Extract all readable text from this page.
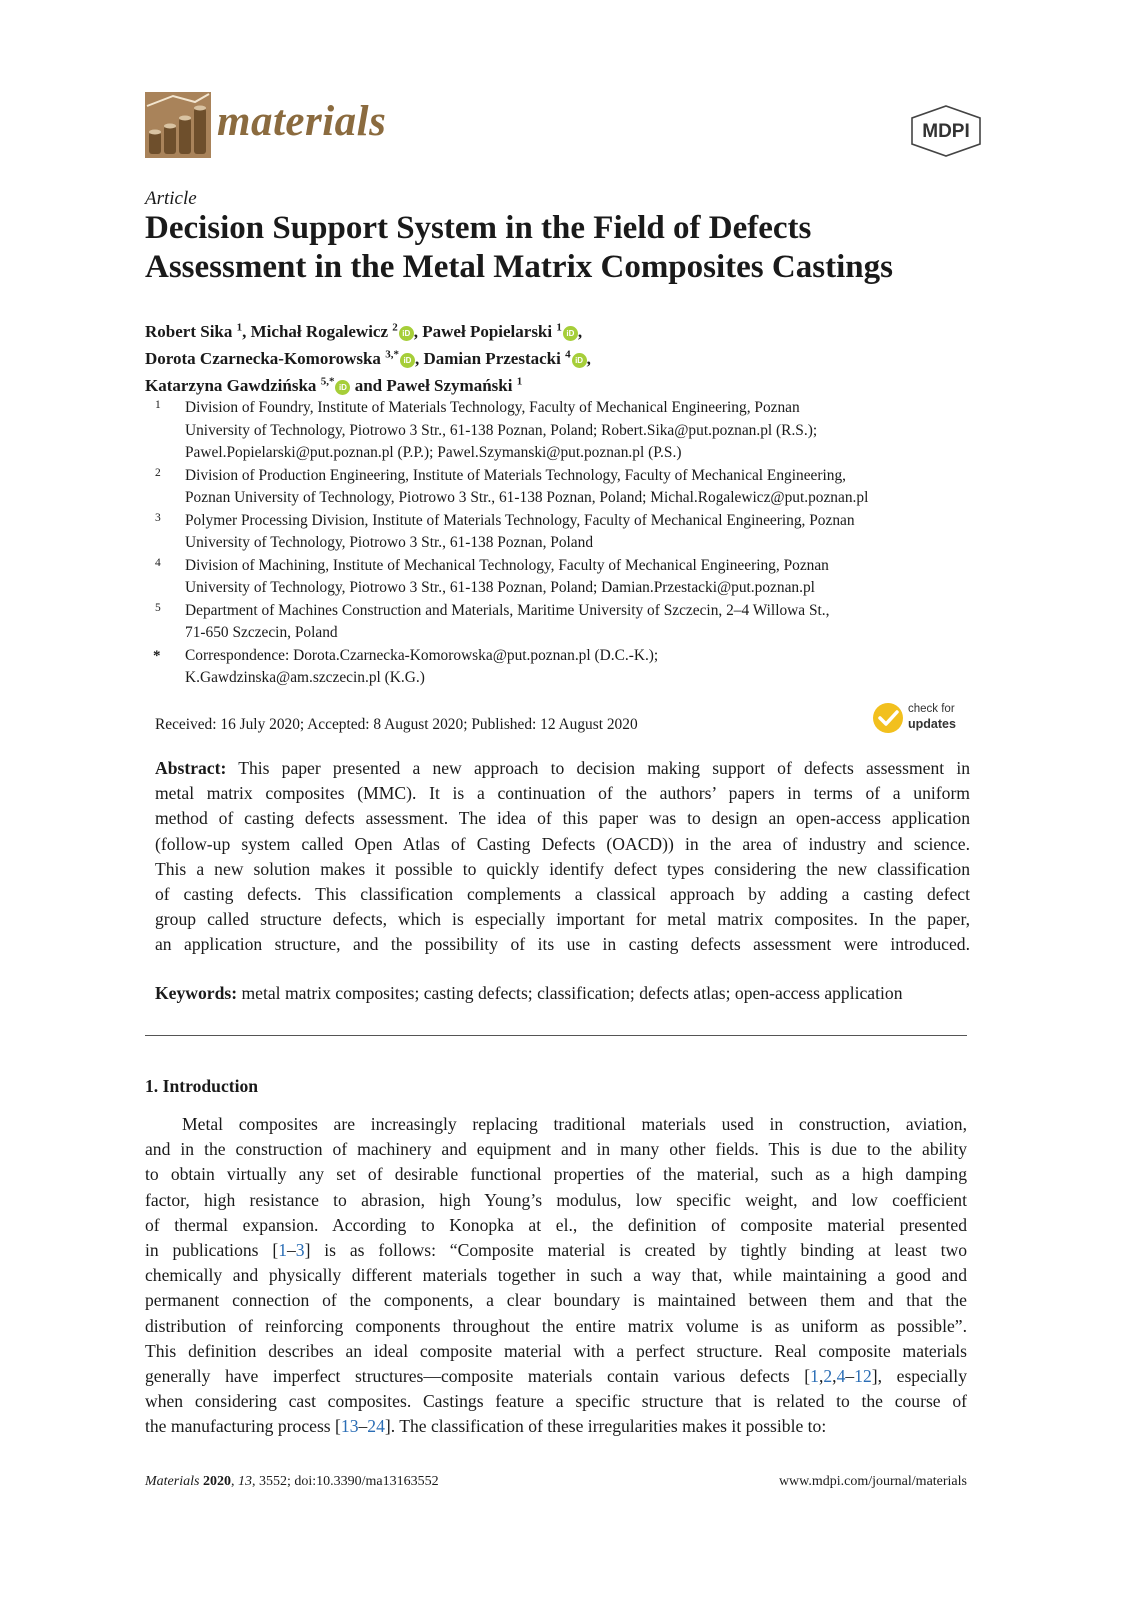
materials	MDPI
Article
Decision Support System in the Field of Defects
Assessment in the Metal Matrix Composites Castings
Robert Sika $^1$, Michał Rogalewicz $^2$iD , Paweł Popielarski $^1$iD ,
Dorota Czarnecka-Komorowska $^{3,*}$iD , Damian Przestacki $^4$iD ,
Katarzyna Gawdzińska $^{5,*}$iD and Paweł Szymański $^1$
1 Division of Foundry, Institute of Materials Technology, Faculty of Mechanical Engineering, Poznan
University of Technology, Piotrowo 3 Str., 61-138 Poznan, Poland; Robert.Sika@put.poznan.pl (R.S.);
Pawel.Popielarski@put.poznan.pl (P.P.); Pawel.Szymanski@put.poznan.pl (P.S.)
2 Division of Production Engineering, Institute of Materials Technology, Faculty of Mechanical Engineering,
Poznan University of Technology, Piotrowo 3 Str., 61-138 Poznan, Poland; Michal.Rogalewicz@put.poznan.pl
3 Polymer Processing Division, Institute of Materials Technology, Faculty of Mechanical Engineering, Poznan
University of Technology, Piotrowo 3 Str., 61-138 Poznan, Poland
4 Division of Machining, Institute of Mechanical Technology, Faculty of Mechanical Engineering, Poznan
University of Technology, Piotrowo 3 Str., 61-138 Poznan, Poland; Damian.Przestacki@put.poznan.pl
5 Department of Machines Construction and Materials, Maritime University of Szczecin, 2–4 Willowa St.,
71-650 Szczecin, Poland
* Correspondence: Dorota.Czarnecka-Komorowska@put.poznan.pl (D.C.-K.);
K.Gawdzinska@am.szczecin.pl (K.G.)
Received: 16 July 2020; Accepted: 8 August 2020; Published: 12 August 2020
check for
updates
Abstract: This paper presented a new approach to decision making support of defects assessment in
metal matrix composites (MMC). It is a continuation of the authors’ papers in terms of a uniform
method of casting defects assessment. The idea of this paper was to design an open-access application
(follow-up system called Open Atlas of Casting Defects (OACD)) in the area of industry and science.
This a new solution makes it possible to quickly identify defect types considering the new classification
of casting defects. This classification complements a classical approach by adding a casting defect
group called structure defects, which is especially important for metal matrix composites. In the paper,
an application structure, and the possibility of its use in casting defects assessment were introduced.
Keywords: metal matrix composites; casting defects; classification; defects atlas; open-access application
1. Introduction
Metal composites are increasingly replacing traditional materials used in construction, aviation,
and in the construction of machinery and equipment and in many other fields. This is due to the ability
to obtain virtually any set of desirable functional properties of the material, such as a high damping
factor, high resistance to abrasion, high Young’s modulus, low specific weight, and low coefficient
of thermal expansion. According to Konopka at el., the definition of composite material presented
in publications [1–3] is as follows: “Composite material is created by tightly binding at least two
chemically and physically different materials together in such a way that, while maintaining a good and
permanent connection of the components, a clear boundary is maintained between them and that the
distribution of reinforcing components throughout the entire matrix volume is as uniform as possible”.
This definition describes an ideal composite material with a perfect structure. Real composite materials
generally have imperfect structures—composite materials contain various defects [1,2,4–12], especially
when considering cast composites. Castings feature a specific structure that is related to the course of
the manufacturing process [13–24]. The classification of these irregularities makes it possible to:
Materials 2020, 13, 3552; doi:10.3390/ma13163552	www.mdpi.com/journal/materials
